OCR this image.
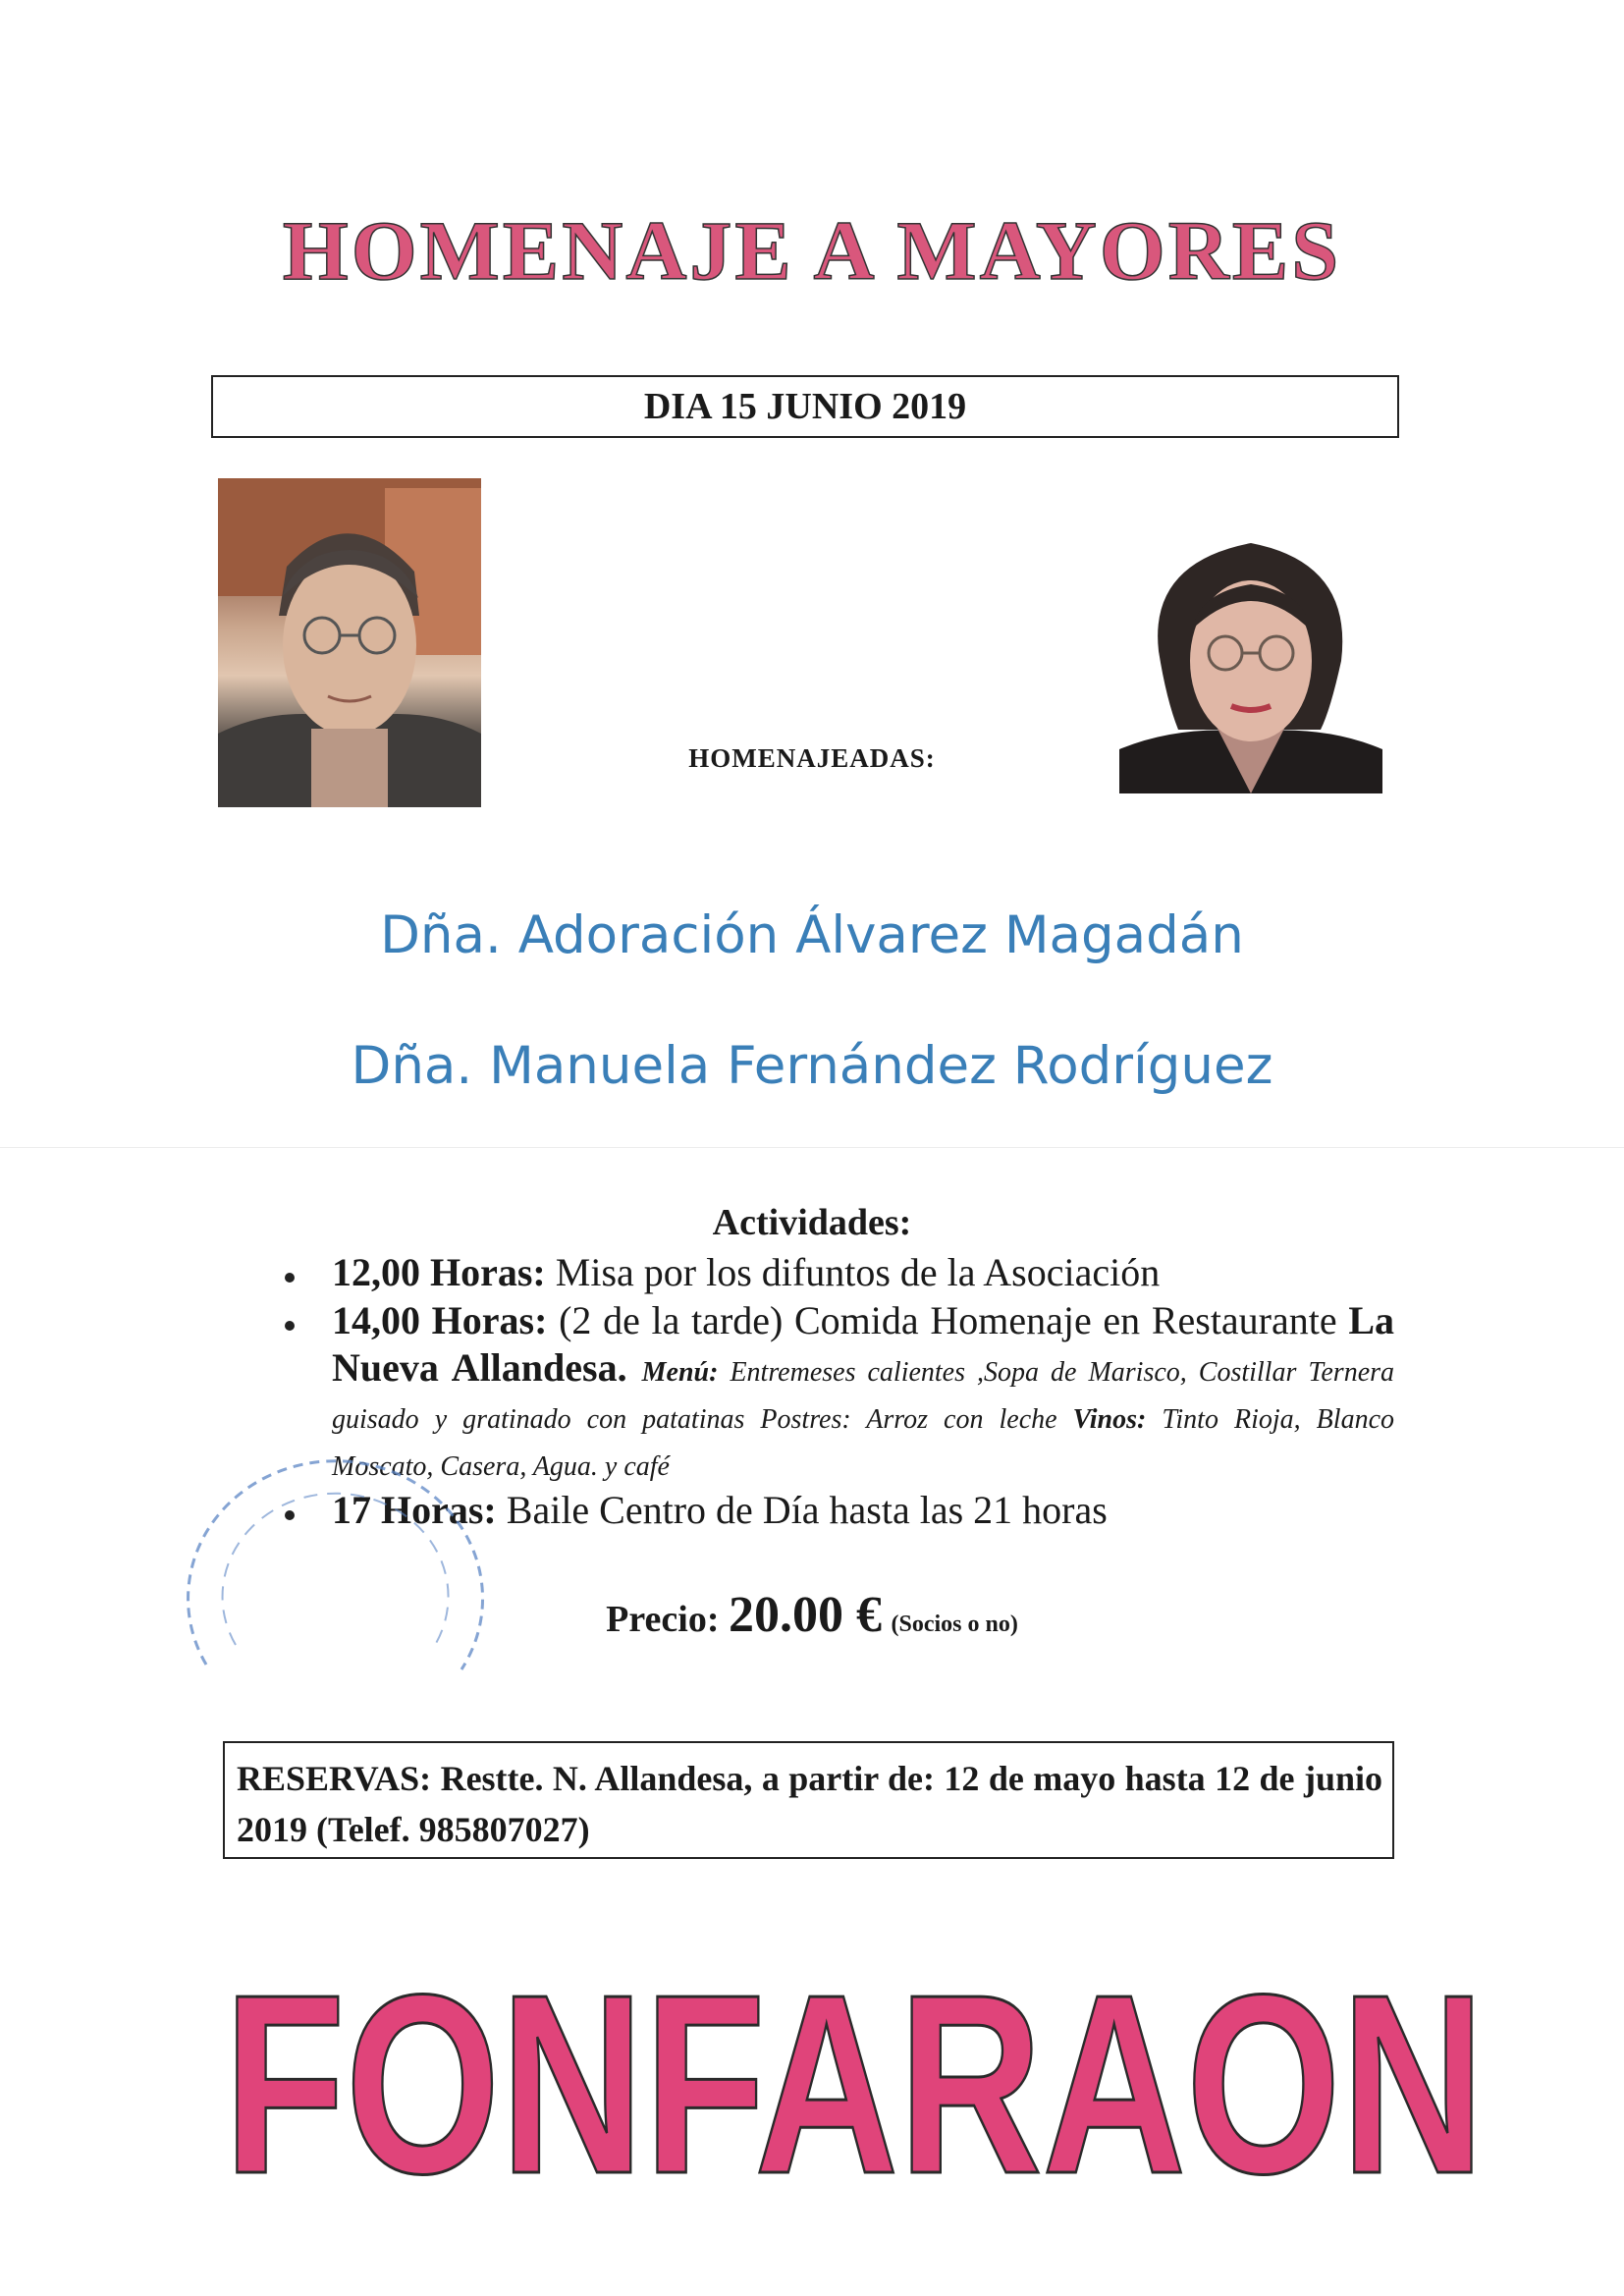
HOMENAJE A MAYORES
DIA 15 JUNIO 2019
HOMENAJEADAS:
Dña. Adoración Álvarez Magadán
Dña. Manuela Fernández Rodríguez
Actividades:
12,00 Horas: Misa por los difuntos de la Asociación
14,00 Horas: (2 de la tarde) Comida Homenaje en Restaurante La Nueva Allandesa. Menú: Entremeses calientes ,Sopa de Marisco, Costillar Ternera guisado y gratinado con patatinas Postres: Arroz con leche Vinos: Tinto Rioja, Blanco Moscato, Casera, Agua. y café
17 Horas: Baile Centro de Día hasta las 21 horas
Precio: 20.00 € (Socios o no)
RESERVAS: Restte. N. Allandesa, a partir de: 12 de mayo hasta 12 de junio 2019 (Telef. 985807027)
FONFARAON
